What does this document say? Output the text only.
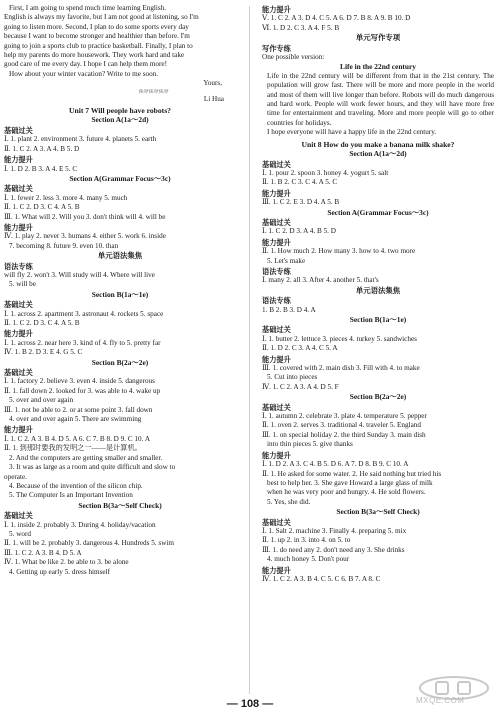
First, I am going to spend much time learning English.
English is always my favorite, but I am not good at listening, so I'm
going to listen more. Second, I plan to do some sports every day
because I want to become stronger and healthier than before. I'm
going to join a sports club to practice basketball. Finally, I plan to
help my parents do more housework. They work hard and take
good care of me every day. I hope I can help them more!
How about your winter vacation? Write to me soon.
Yours,
快对快对快对
Li Hua
Unit 7 Will people have robots?
Section A(1a～2d)
基础过关
Ⅰ. 1. plant 2. environment 3. future 4. planets 5. earth
Ⅱ. 1. C 2. A 3. A 4. B 5. D
能力提升
Ⅰ. 1. D 2. B 3. A 4. E 5. C
Section A(Grammar Focus～3c)
基础过关
Ⅰ. 1. fewer 2. less 3. more 4. many 5. much
Ⅱ. 1. C 2. D 3. C 4. A 5. B
Ⅲ. 1. What will 2. Will you 3. don't think will 4. will be
能力提升
Ⅳ. 1. play 2. never 3. humans 4. either 5. work 6. inside
7. becoming 8. future 9. even 10. than
单元语法集焦
语法专练
will fly 2. won't 3. Will study will 4. Where will live
5. will be
Section B(1a～1e)
基础过关
Ⅰ. 1. across 2. apartment 3. astronaut 4. rockets 5. space
Ⅱ. 1. C 2. D 3. C 4. A 5. B
能力提升
Ⅰ. 1. across 2. near here 3. kind of 4. fly to 5. pretty far
Ⅳ. 1. B 2. D 3. E 4. G 5. C
Section B(2a～2e)
基础过关
Ⅰ. 1. factory 2. believe 3. even 4. inside 5. dangerous
Ⅱ. 1. fall down 2. looked for 3. was able to 4. wake up
5. over and over again
Ⅲ. 1. not be able to 2. or at some point 3. fall down
4. over and over again 5. There are swimming
能力提升
Ⅰ. 1. C 2. A 3. B 4. D 5. A 6. C 7. B 8. D 9. C 10. A
Ⅱ. 1. 到那时要我的发明之一——是计算机。
2. And the computers are getting smaller and smaller.
3. It was as large as a room and quite difficult and slow to
operate.
4. Because of the invention of the silicon chip.
5. The Computer Is an Important Invention
Section B(3a～Self Check)
基础过关
Ⅰ. 1. inside 2. probably 3. During 4. holiday/vacation
5. word
Ⅱ. 1. will be 2. probably 3. dangerous 4. Hundreds 5. swim
Ⅲ. 1. C 2. A 3. B 4. D 5. A
Ⅳ. 1. What be like 2. be able to 3. be alone
4. Getting up early 5. dress himself
能力提升
Ⅴ. 1. C 2. A 3. D 4. C 5. A 6. D 7. B 8. A 9. B 10. D
Ⅵ. 1. D 2. C 3. A 4. F 5. B
单元写作专项
写作专练
One possible version:
Life in the 22nd century
Life in the 22nd century will be different from that in the 21st century. The population will grow fast. There will be more and more people in the world and most of them will live longer than before. Robots will do much dangerous and hard work. People will work fewer hours, and they will have more free time for entertainment and traveling. More and more people will go to other countries for holidays.
I hope everyone will have a happy life in the 22nd century.
Unit 8 How do you make a banana milk shake?
Section A(1a～2d)
基础过关
Ⅰ. 1. pour 2. spoon 3. honey 4. yogurt 5. salt
Ⅱ. 1. B 2. C 3. C 4. A 5. C
能力提升
Ⅲ. 1. C 2. E 3. D 4. A 5. B
Section A(Grammar Focus～3c)
基础过关
Ⅰ. 1. C 2. D 3. A 4. B 5. D
能力提升
Ⅱ. 1. How much 2. How many 3. how to 4. two more
5. Let's make
语法专练
Ⅰ. many 2. all 3. After 4. another 5. that's
单元语法集焦
语法专练
1. B 2. B 3. D 4. A
Section B(1a～1e)
基础过关
Ⅰ. 1. butter 2. lettuce 3. pieces 4. turkey 5. sandwiches
Ⅱ. 1. D 2. C 3. A 4. C 5. A
能力提升
Ⅲ. 1. covered with 2. main dish 3. Fill with 4. to make
5. Cut into pieces
Ⅳ. 1. C 2. A 3. A 4. D 5. F
Section B(2a～2e)
基础过关
Ⅰ. 1. autumn 2. celebrate 3. plate 4. temperature 5. pepper
Ⅱ. 1. oven 2. serves 3. traditional 4. traveler 5. England
Ⅲ. 1. on special holiday 2. the third Sunday 3. main dish
into thin pieces 5. give thanks
能力提升
Ⅰ. 1. D 2. A 3. C 4. B 5. D 6. A 7. D 8. B 9. C 10. A
Ⅱ. 1. He asked for some water. 2. He said nothing but tried his
best to help her. 3. She gave Howard a large glass of milk
when he was very poor and hungry. 4. He sold flowers.
5. Yes, she did.
Section B(3a～Self Check)
基础过关
Ⅰ. 1. Salt 2. machine 3. Finally 4. preparing 5. mix
Ⅱ. 1. up 2. in 3. into 4. on 5. to
Ⅲ. 1. do need any 2. don't need any 3. She drinks
4. much honey 5. Don't pour
能力提升
Ⅳ. 1. C 2. A 3. B 4. C 5. C 6. B 7. A 8. C
— 108 —	MXQE.COM
